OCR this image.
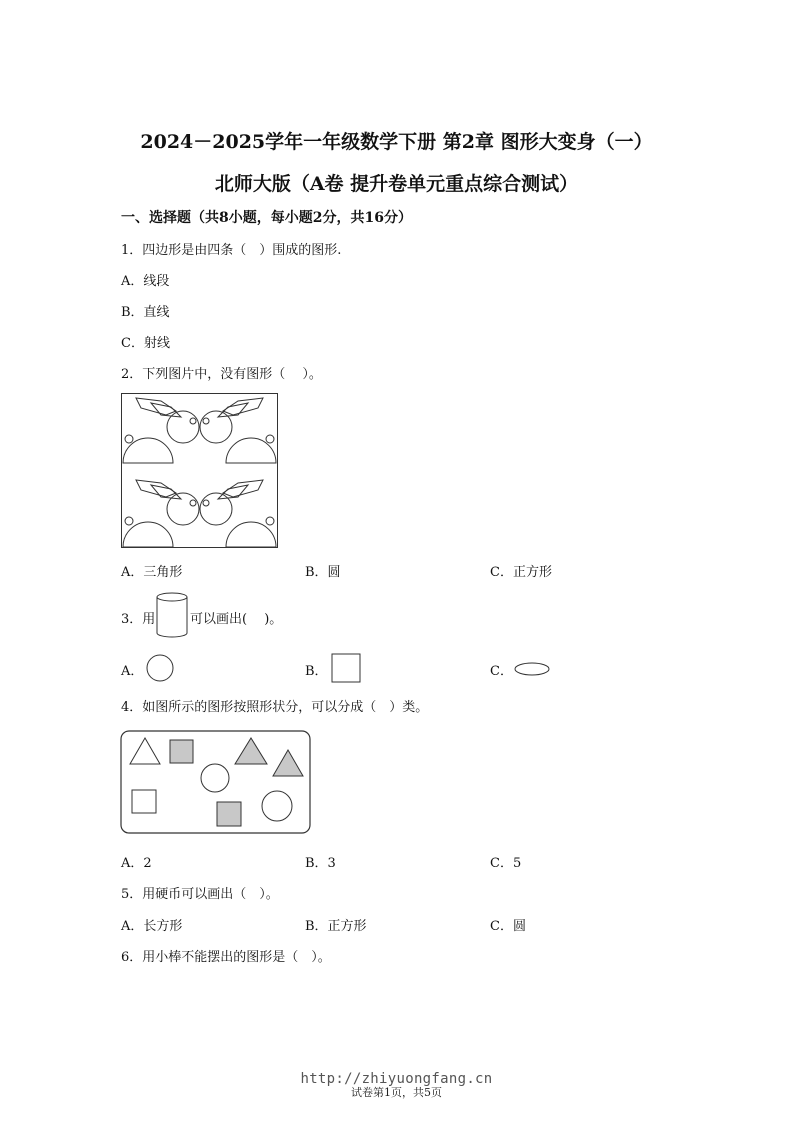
2024－2025学年一年级数学下册 第2章 图形大变身（一）
北师大版（A卷 提升卷单元重点综合测试）
一、选择题（共8小题，每小题2分，共16分）
1．四边形是由四条（　）围成的图形.
A．线段
B．直线
C．射线
2．下列图片中，没有图形（　 ）。
A．三角形	B．圆	C．正方形
3．用	可以画出(　 )。
A．	B．	C．
4．如图所示的图形按照形状分，可以分成（　）类。
A．2	B．3	C．5
5．用硬币可以画出（　）。
A．长方形	B．正方形	C．圆
6．用小棒不能摆出的图形是（　）。
http://zhiyuongfang.cn
试卷第1页，共5页
